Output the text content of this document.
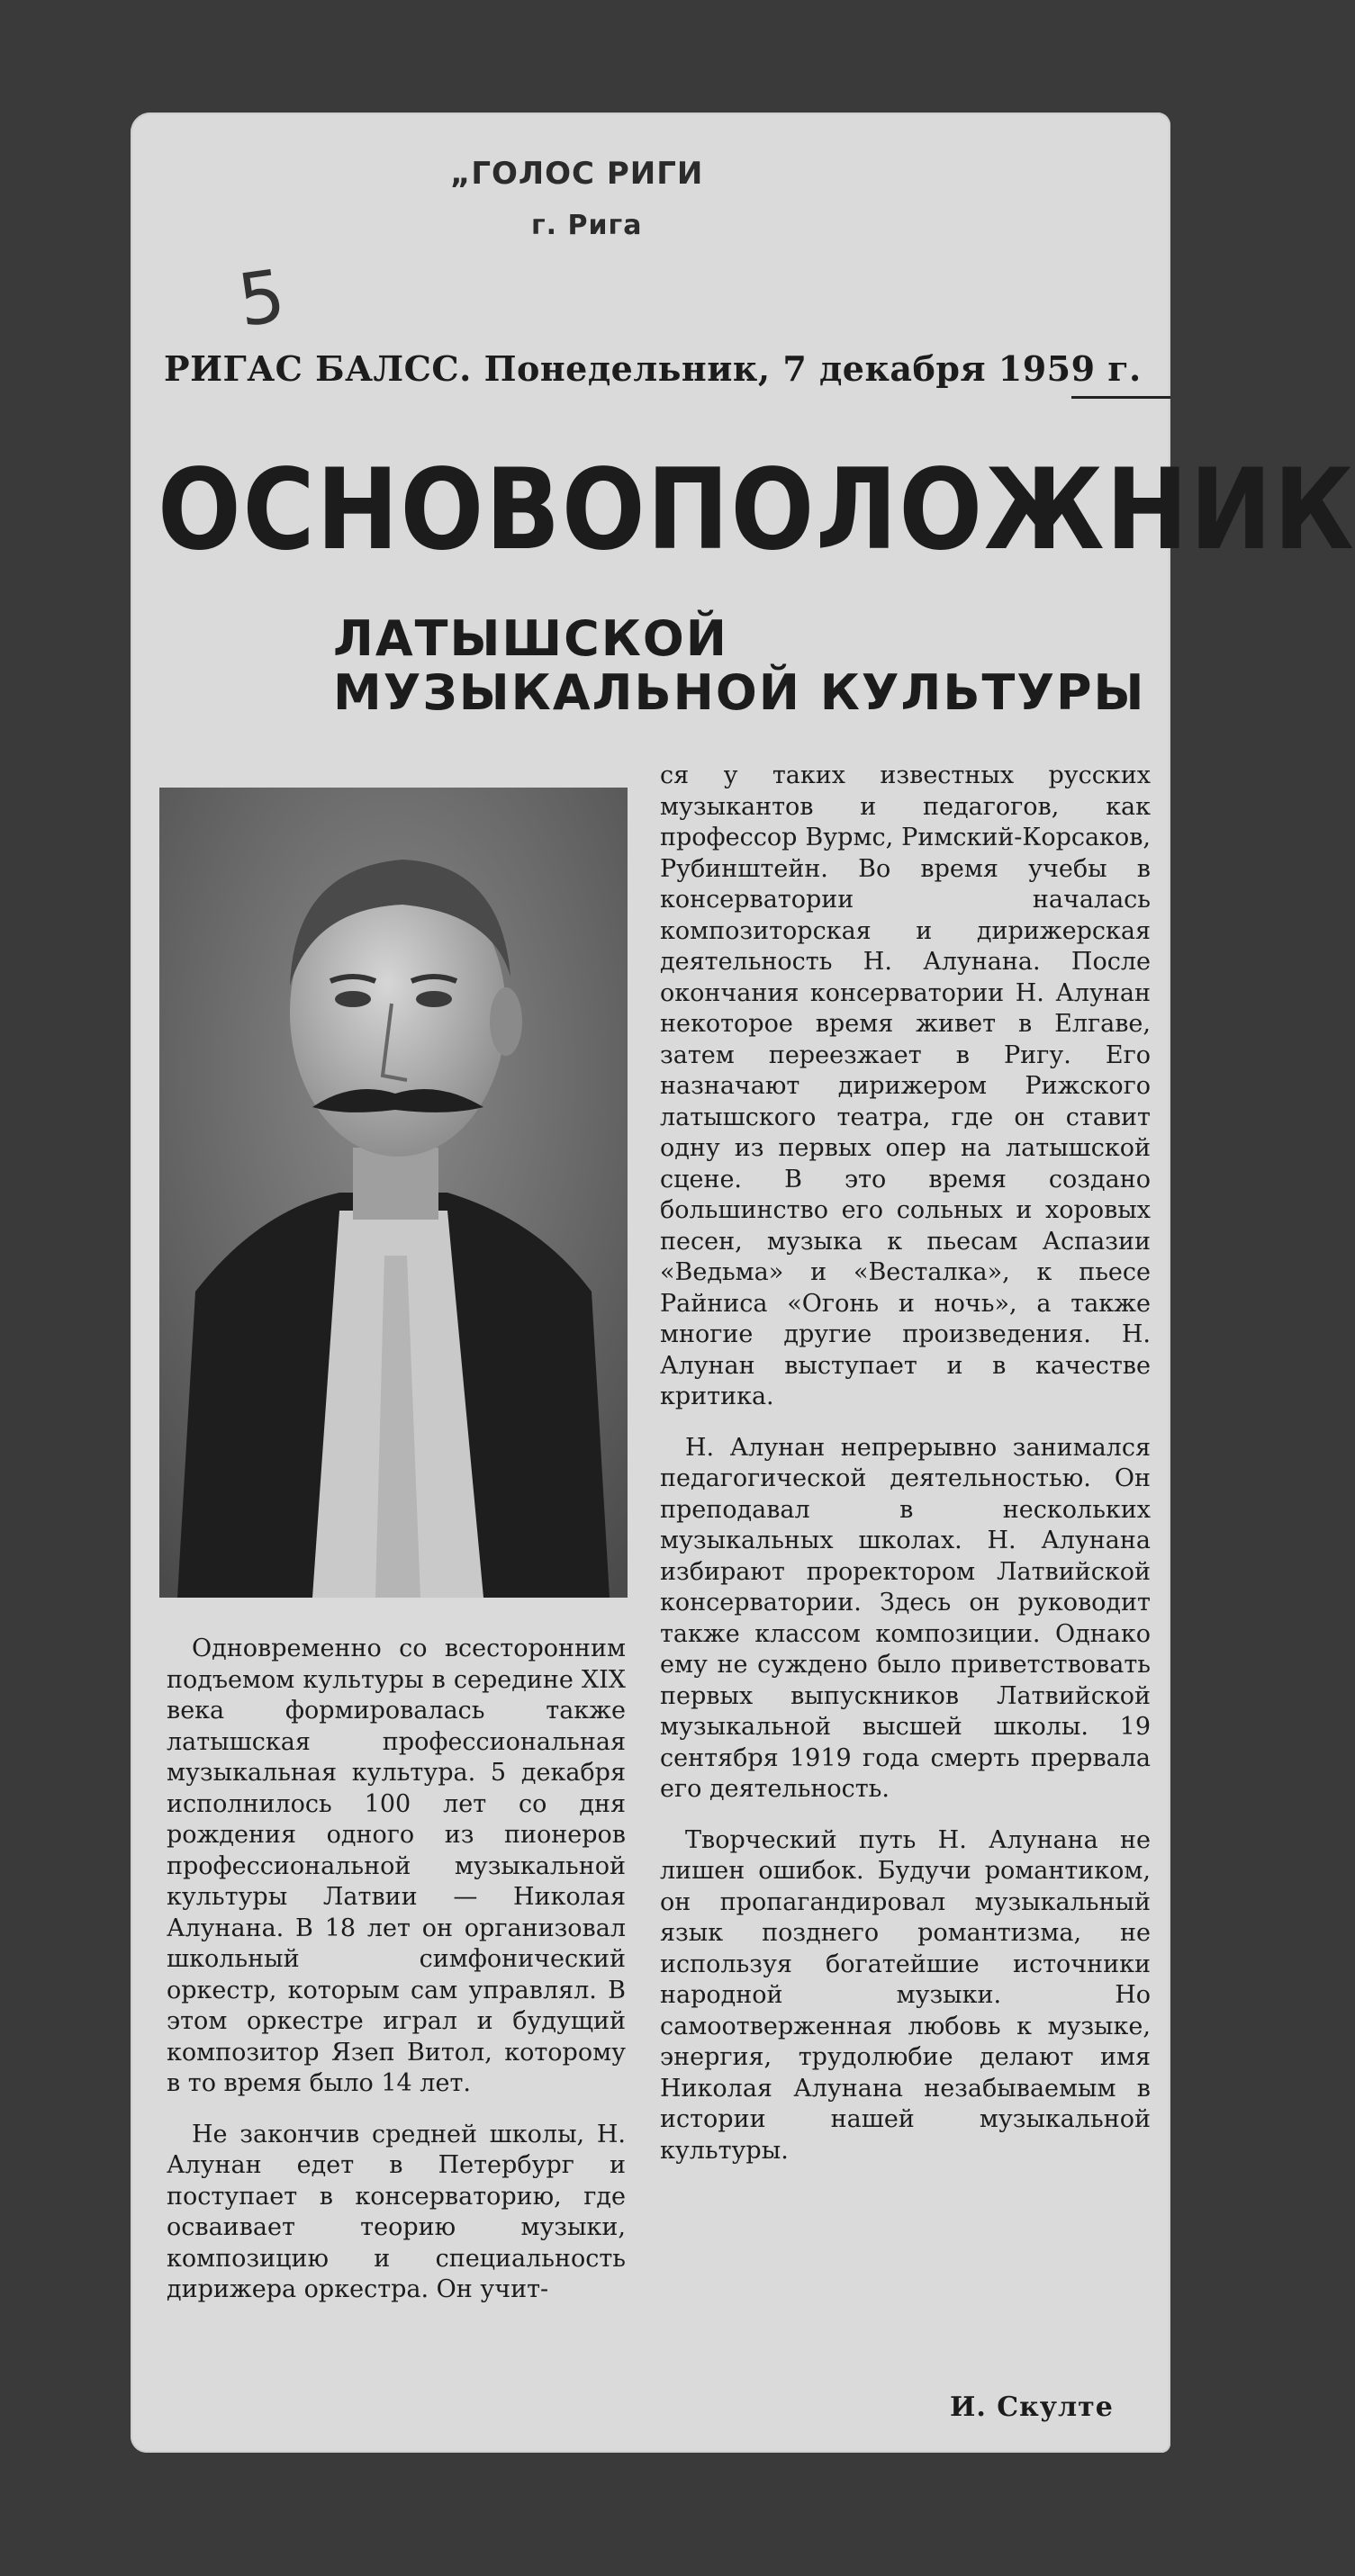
„ГОЛОС РИГИ
г. Рига
5
РИГАС БАЛСС. Понедельник, 7 декабря 1959 г.
ОСНОВОПОЛОЖНИК
ЛАТЫШСКОЙ МУЗЫКАЛЬНОЙ КУЛЬТУРЫ

Одновременно со всесторонним подъемом культуры в середине XIX века формировалась также латышская профессиональная музыкальная культура. 5 декабря исполнилось 100 лет со дня рождения одного из пионеров профессиональной музыкальной культуры Латвии — Николая Алунана. В 18 лет он организовал школьный симфонический оркестр, которым сам управлял. В этом оркестре играл и будущий композитор Язеп Витол, которому в то время было 14 лет.

Не закончив средней школы, Н. Алунан едет в Петербург и поступает в консерваторию, где осваивает теорию музыки, композицию и специальность дирижера оркестра. Он учит-

ся у таких известных русских музыкантов и педагогов, как профессор Вурмс, Римский-Корсаков, Рубинштейн. Во время учебы в консерватории началась композиторская и дирижерская деятельность Н. Алунана. После окончания консерватории Н. Алунан некоторое время живет в Елгаве, затем переезжает в Ригу. Его назначают дирижером Рижского латышского театра, где он ставит одну из первых опер на латышской сцене. В это время создано большинство его сольных и хоровых песен, музыка к пьесам Аспазии «Ведьма» и «Весталка», к пьесе Райниса «Огонь и ночь», а также многие другие произведения. Н. Алунан выступает и в качестве критика.

Н. Алунан непрерывно занимался педагогической деятельностью. Он преподавал в нескольких музыкальных школах. Н. Алунана избирают проректором Латвийской консерватории. Здесь он руководит также классом композиции. Однако ему не суждено было приветствовать первых выпускников Латвийской музыкальной высшей школы. 19 сентября 1919 года смерть прервала его деятельность.

Творческий путь Н. Алунана не лишен ошибок. Будучи романтиком, он пропагандировал музыкальный язык позднего романтизма, не используя богатейшие источники народной музыки. Но самоотверженная любовь к музыке, энергия, трудолюбие делают имя Николая Алунана незабываемым в истории нашей музыкальной культуры.

И. Скулте
